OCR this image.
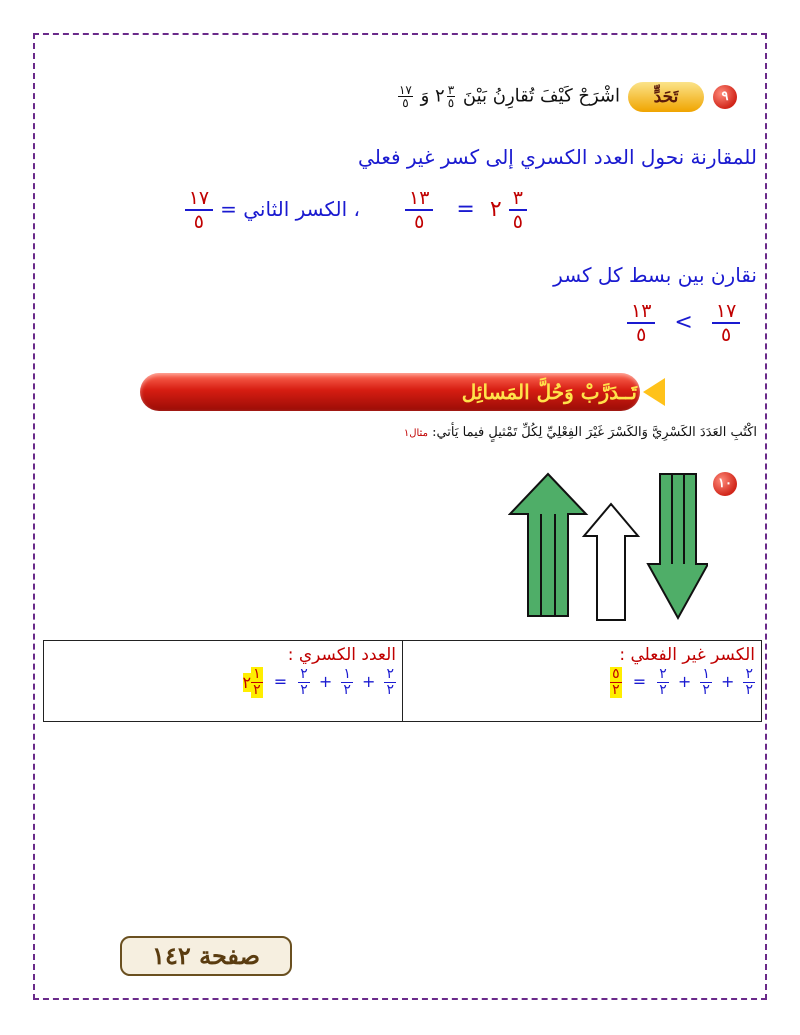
٩
تَحَدٍّ
اشْرَحْ كَيْفَ تُقارِنُ بَيْنَ
٣
٥
٢ وَ
١٧
٥
للمقارنة نحول العدد الكسري إلى كسر غير فعلي
$\frac{١٣}{٥}$ = ٢ $\frac{٣}{٥}$
، الكسر الثاني =
$\frac{١٧}{٥}$
نقارن بين بسط كل كسر
$\frac{١٣}{٥} < \frac{١٧}{٥}$
تَــدَرَّبْ وَحُلَّ المَسائِل
اكْتُبِ العَدَدَ الكَسْرِيَّ وَالكَسْرَ غَيْرَ الفِعْلِيِّ لِكُلِّ تَمْثيلٍ فيما يَأتي: مثال١
١٠
العدد الكسري :
٢ $\frac{١}{٢} = \frac{٢}{٢} + \frac{١}{٢} + \frac{٢}{٢}$

الكسر غير الفعلي :
$\frac{٥}{٢} = \frac{٢}{٢} + \frac{١}{٢} + \frac{٢}{٢}$
صفحة ١٤٢
